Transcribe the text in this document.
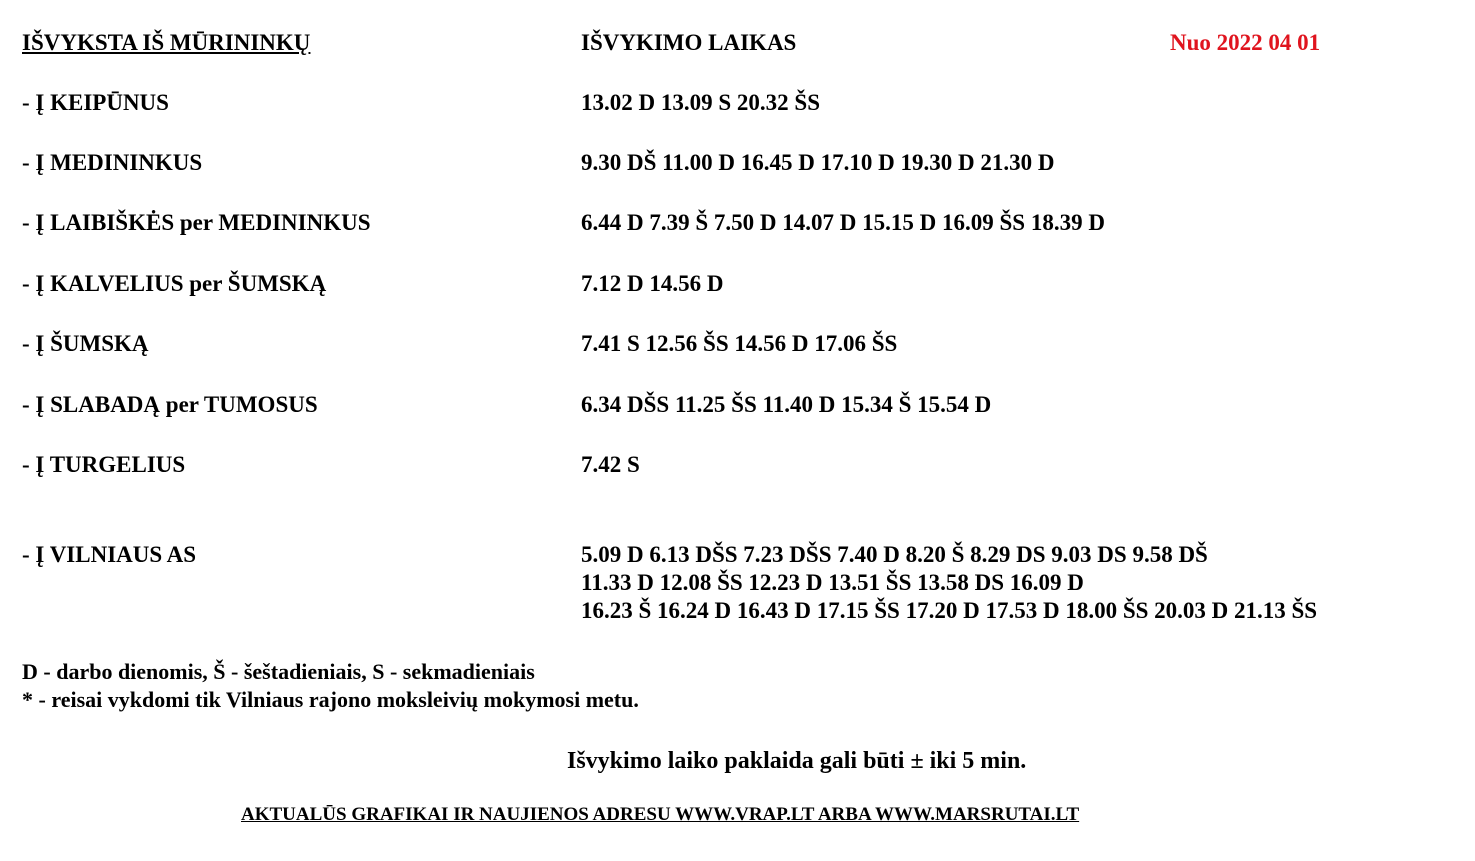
IŠVYKSTA IŠ MŪRININKŲ	IŠVYKIMO LAIKAS	Nuo 2022 04 01
- Į KEIPŪNUS	13.02 D 13.09 S 20.32 ŠS
- Į MEDININKUS	9.30 DŠ 11.00 D 16.45 D 17.10 D 19.30 D 21.30 D
- Į LAIBIŠKĖS per MEDININKUS	6.44 D 7.39 Š 7.50 D 14.07 D 15.15 D 16.09 ŠS 18.39 D
- Į KALVELIUS per ŠUMSKĄ	7.12 D 14.56 D
- Į ŠUMSKĄ	7.41 S 12.56 ŠS 14.56 D 17.06 ŠS
- Į SLABADĄ per TUMOSUS	6.34 DŠS 11.25 ŠS 11.40 D 15.34 Š 15.54 D
- Į TURGELIUS	7.42 S
- Į VILNIAUS AS	5.09 D 6.13 DŠS 7.23 DŠS 7.40 D 8.20 Š 8.29 DS 9.03 DS 9.58 DŠ
11.33 D 12.08 ŠS 12.23 D 13.51 ŠS 13.58 DS 16.09 D
16.23 Š 16.24 D 16.43 D 17.15 ŠS 17.20 D 17.53 D 18.00 ŠS 20.03 D 21.13 ŠS
D - darbo dienomis, Š - šeštadieniais, S - sekmadieniais
* - reisai vykdomi tik Vilniaus rajono moksleivių mokymosi metu.
Išvykimo laiko paklaida gali būti ± iki 5 min.
AKTUALŪS GRAFIKAI IR NAUJIENOS ADRESU WWW.VRAP.LT ARBA WWW.MARSRUTAI.LT
